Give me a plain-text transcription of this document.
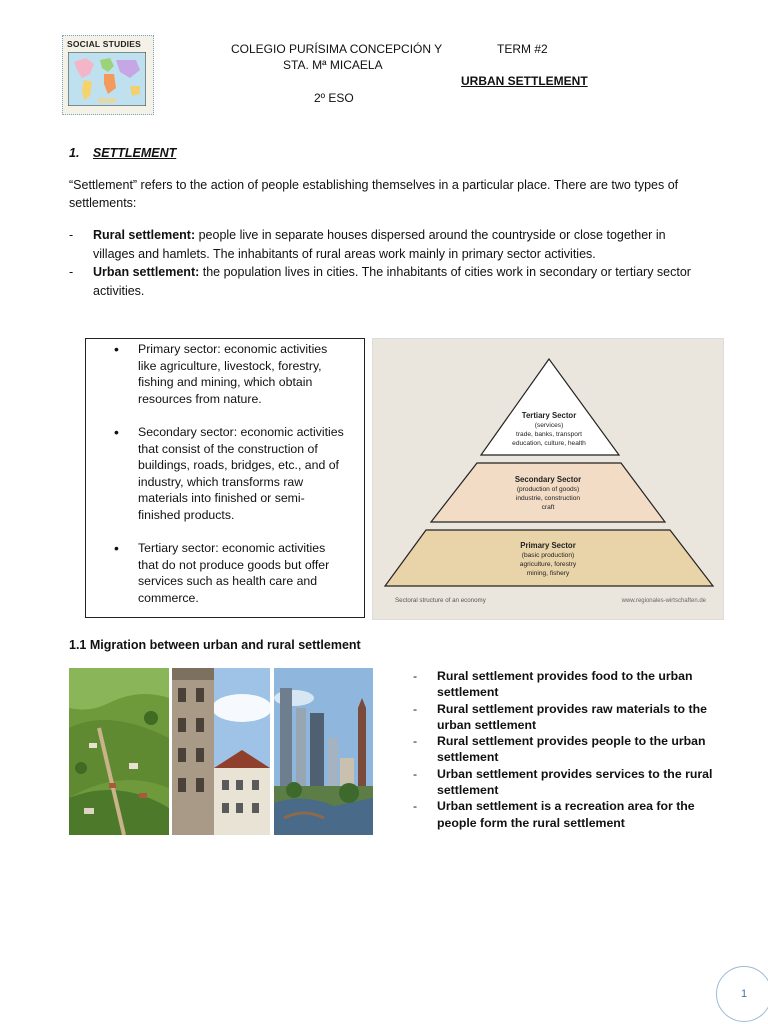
SOCIAL STUDIES	COLEGIO PURÍSIMA CONCEPCIÓN Y
STA. Mª MICAELA
2º ESO
TERM #2
URBAN SETTLEMENT
1. SETTLEMENT

“Settlement” refers to the action of people establishing themselves in a particular place. There are two types of

settlements:

- Rural settlement: people live in separate houses dispersed around the countryside or close together in
villages and hamlets. The inhabitants of rural areas work mainly in primary sector activities.
- Urban settlement: the population lives in cities. The inhabitants of cities work in secondary or tertiary sector
activities.
• Primary sector: economic activities
like agriculture, livestock, forestry,
fishing and mining, which obtain
resources from nature.
• Secondary sector: economic activities
that consist of the construction of
buildings, roads, bridges, etc., and of
industry, which transforms raw
materials into finished or semi-
finished products.
• Tertiary sector: economic activities
that do not produce goods but offer
services such as health care and
commerce.
Tertiary Sector
(services)
trade, banks, transport
education, culture, health
Secondary Sector
(production of goods)
industrie, construction
craft
Primary Sector
(basic production)
agriculture, forestry
mining, fishery
Sectoral structure of an economy	www.regionales-wirtschaften.de
1.1 Migration between urban and rural settlement
- Rural settlement provides food to the urban
settlement
- Rural settlement provides raw materials to the
urban settlement
- Rural settlement provides people to the urban
settlement
- Urban settlement provides services to the rural
settlement
- Urban settlement is a recreation area for the
people form the rural settlement
1
